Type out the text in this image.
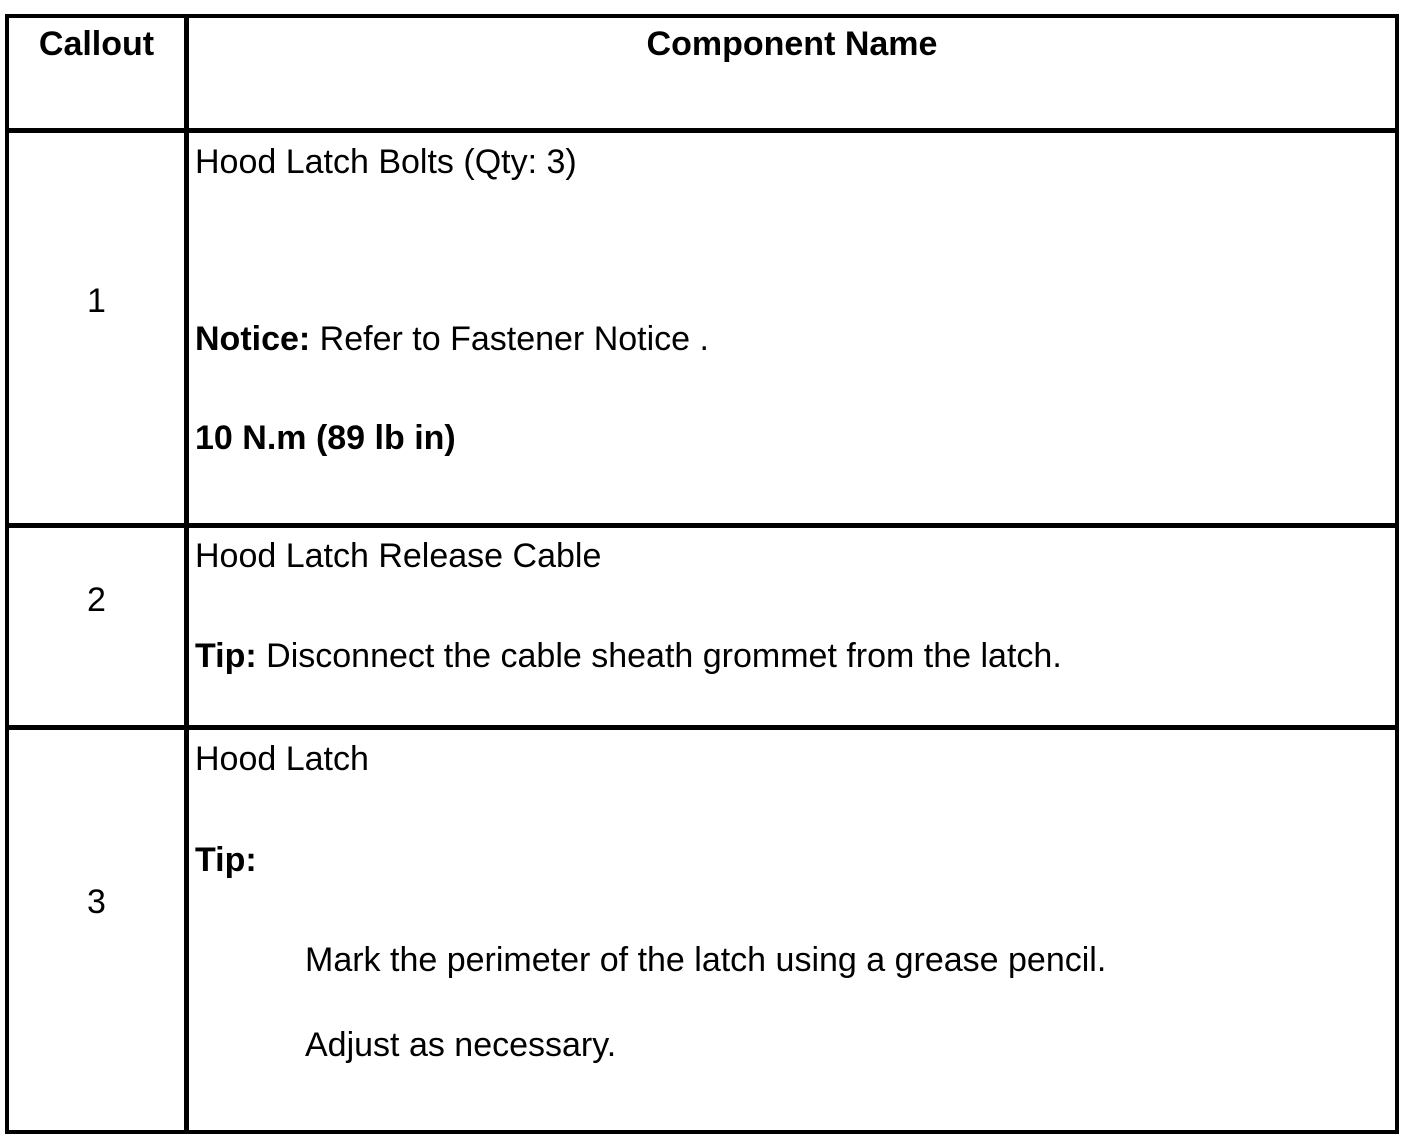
Callout	Component Name
1
Hood Latch Bolts (Qty: 3)
Notice: Refer to Fastener Notice .
10 N.m (89 lb in)
2
Hood Latch Release Cable
Tip: Disconnect the cable sheath grommet from the latch.
3
Hood Latch
Tip:
Mark the perimeter of the latch using a grease pencil.
Adjust as necessary.
